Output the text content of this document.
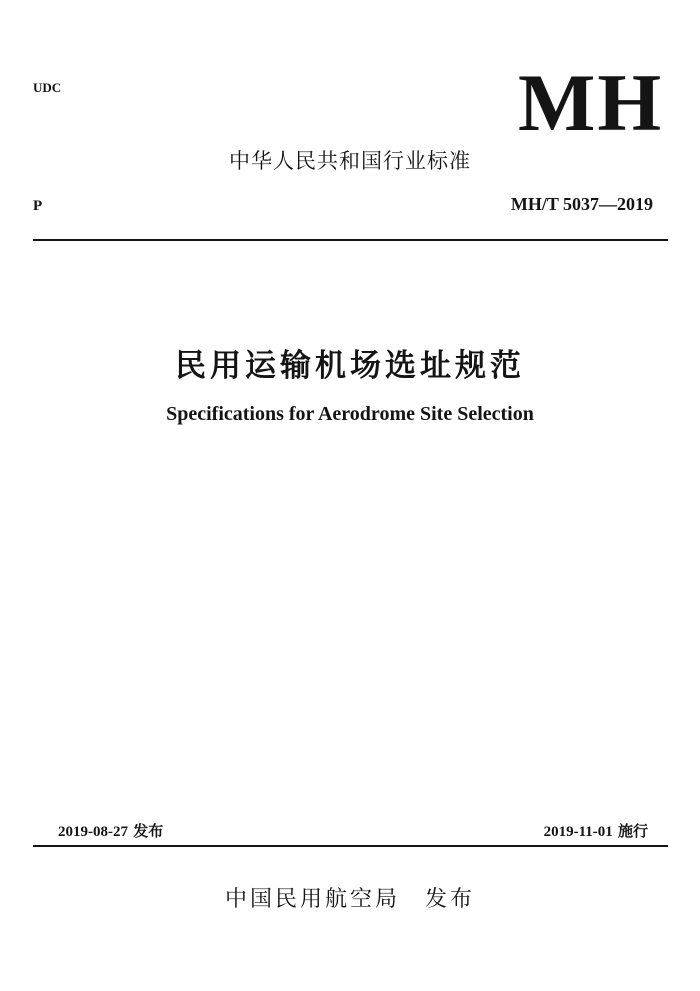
UDC	MH
中华人民共和国行业标准
P	MH/T 5037—2019
民用运输机场选址规范
Specifications for Aerodrome Site Selection
2019-08-27 发布	2019-11-01 施行
中国民用航空局　发布
